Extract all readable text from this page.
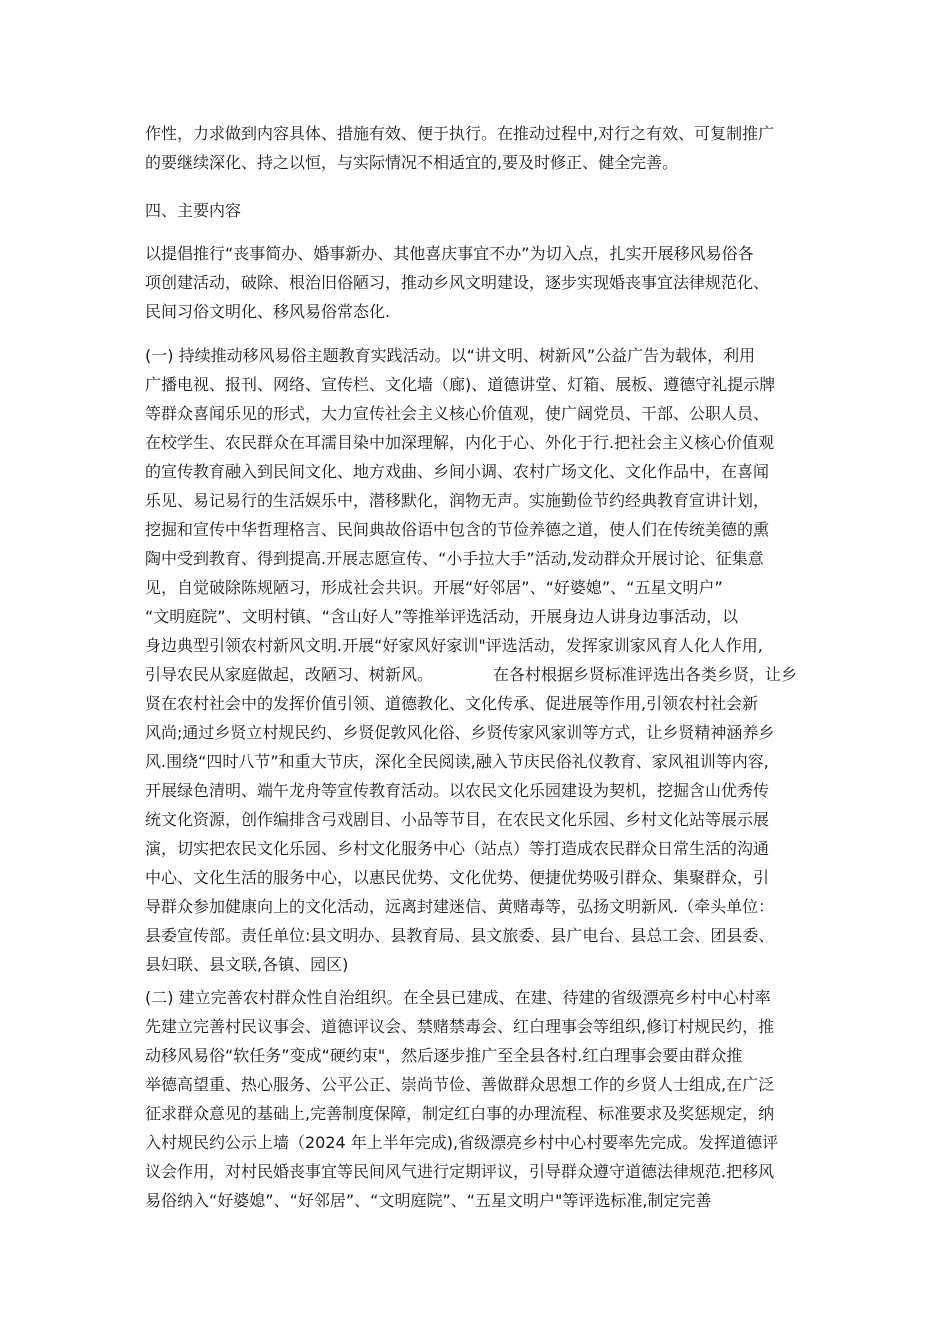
作性，力求做到内容具体、措施有效、便于执行。在推动过程中,对行之有效、可复制推广
的要继续深化、持之以恒，与实际情况不相适宜的,要及时修正、健全完善。
四、主要内容
以提倡推行“丧事简办、婚事新办、其他喜庆事宜不办”为切入点，扎实开展移风易俗各
项创建活动，破除、根治旧俗陋习，推动乡风文明建设，逐步实现婚丧事宜法律规范化、
民间习俗文明化、移风易俗常态化.
(一) 持续推动移风易俗主题教育实践活动。以“讲文明、树新风”公益广告为载体，利用
广播电视、报刊、网络、宣传栏、文化墙（廊)、道德讲堂、灯箱、展板、遵德守礼提示牌
等群众喜闻乐见的形式，大力宣传社会主义核心价值观，使广阔党员、干部、公职人员、
在校学生、农民群众在耳濡目染中加深理解，内化于心、外化于行.把社会主义核心价值观
的宣传教育融入到民间文化、地方戏曲、乡间小调、农村广场文化、文化作品中，在喜闻
乐见、易记易行的生活娱乐中，潜移默化，润物无声。实施勤俭节约经典教育宣讲计划，
挖掘和宣传中华哲理格言、民间典故俗语中包含的节俭养德之道，使人们在传统美德的熏
陶中受到教育、得到提高.开展志愿宣传、“小手拉大手”活动,发动群众开展讨论、征集意
见，自觉破除陈规陋习，形成社会共识。开展“好邻居”、“好婆媳”、“五星文明户”
“文明庭院”、文明村镇、“含山好人”等推举评选活动，开展身边人讲身边事活动，以
身边典型引领农村新风文明.开展“好家风好家训"评选活动，发挥家训家风育人化人作用,
引导农民从家庭做起，改陋习、树新风。	在各村根据乡贤标准评选出各类乡贤，让乡
贤在农村社会中的发挥价值引领、道德教化、文化传承、促进展等作用,引领农村社会新
风尚;通过乡贤立村规民约、乡贤促敦风化俗、乡贤传家风家训等方式，让乡贤精神涵养乡
风.围绕“四时八节”和重大节庆，深化全民阅读,融入节庆民俗礼仪教育、家风祖训等内容,
开展绿色清明、端午龙舟等宣传教育活动。以农民文化乐园建设为契机，挖掘含山优秀传
统文化资源，创作编排含弓戏剧目、小品等节目，在农民文化乐园、乡村文化站等展示展
演，切实把农民文化乐园、乡村文化服务中心（站点）等打造成农民群众日常生活的沟通
中心、文化生活的服务中心，以惠民优势、文化优势、便捷优势吸引群众、集聚群众，引
导群众参加健康向上的文化活动，远离封建迷信、黄赌毒等，弘扬文明新风.（牵头单位：
县委宣传部。责任单位:县文明办、县教育局、县文旅委、县广电台、县总工会、团县委、
县妇联、县文联,各镇、园区)
(二) 建立完善农村群众性自治组织。在全县已建成、在建、待建的省级漂亮乡村中心村率
先建立完善村民议事会、道德评议会、禁赌禁毒会、红白理事会等组织,修订村规民约，推
动移风易俗“软任务”变成“硬约束"，然后逐步推广至全县各村.红白理事会要由群众推
举德高望重、热心服务、公平公正、崇尚节俭、善做群众思想工作的乡贤人士组成,在广泛
征求群众意见的基础上,完善制度保障，制定红白事的办理流程、标准要求及奖惩规定，纳
入村规民约公示上墙（2024 年上半年完成),省级漂亮乡村中心村要率先完成。发挥道德评
议会作用，对村民婚丧事宜等民间风气进行定期评议，引导群众遵守道德法律规范.把移风
易俗纳入“好婆媳”、“好邻居”、“文明庭院”、“五星文明户"等评选标准,制定完善
